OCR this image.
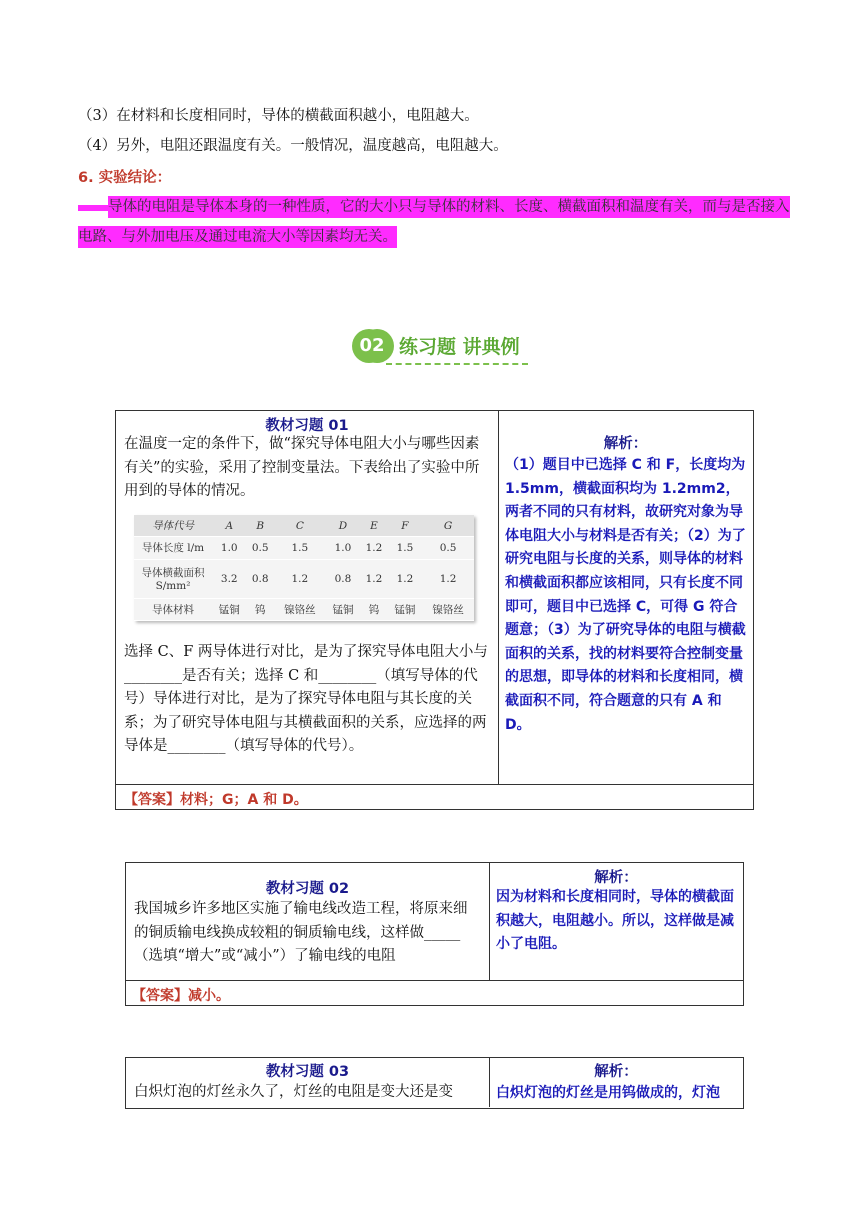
（3）在材料和长度相同时，导体的横截面积越小，电阻越大。
（4）另外，电阻还跟温度有关。一般情况，温度越高，电阻越大。
6. 实验结论：
导体的电阻是导体本身的一种性质，它的大小只与导体的材料、长度、横截面积和温度有关，而与是否接入电路、与外加电压及通过电流大小等因素均无关。
02 练习题 讲典例
教材习题 01
在温度一定的条件下，做“探究导体电阻大小与哪些因素有关”的实验，采用了控制变量法。下表给出了实验中所用到的导体的情况。
导体代号	A	B	C	D	E	F	G
导体长度 l/m	1.0	0.5	1.5	1.0	1.2	1.5	0.5
导体横截面积 S/mm²	3.2	0.8	1.2	0.8	1.2	1.2	1.2
导体材料	锰铜	钨	镍铬丝	锰铜	钨	锰铜	镍铬丝
选择 C、F 两导体进行对比，是为了探究导体电阻大小与________是否有关；选择 C 和________（填写导体的代号）导体进行对比，是为了探究导体电阻与其长度的关系；为了研究导体电阻与其横截面积的关系，应选择的两导体是________（填写导体的代号）。
解析：
（1）题目中已选择 C 和 F，长度均为 1.5mm，横截面积均为 1.2mm2，两者不同的只有材料，故研究对象为导体电阻大小与材料是否有关；（2）为了研究电阻与长度的关系，则导体的材料和横截面积都应该相同，只有长度不同即可，题目中已选择 C，可得 G 符合题意；（3）为了研究导体的电阻与横截面积的关系，找的材料要符合控制变量的思想，即导体的材料和长度相同，横截面积不同，符合题意的只有 A 和 D。
【答案】材料；G；A 和 D。
教材习题 02
我国城乡许多地区实施了输电线改造工程，将原来细的铜质输电线换成较粗的铜质输电线，这样做_____（选填“增大”或“减小”）了输电线的电阻
解析：
因为材料和长度相同时，导体的横截面积越大，电阻越小。所以，这样做是减小了电阻。
【答案】减小。
教材习题 03
白炽灯泡的灯丝永久了，灯丝的电阻是变大还是变
解析：
白炽灯泡的灯丝是用钨做成的，灯泡
